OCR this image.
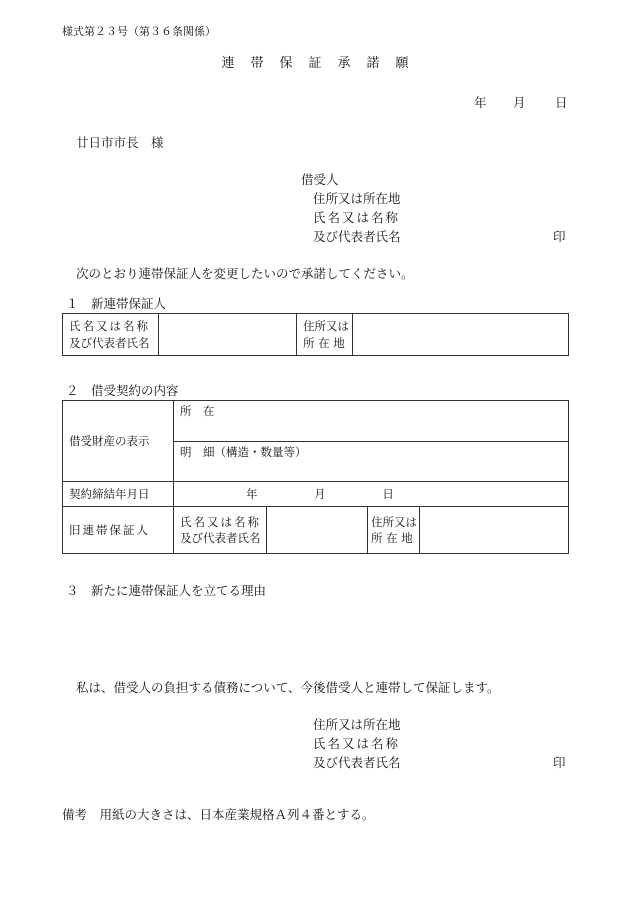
様式第２３号（第３６条関係）
連 帯 保 証 承 諾 願
年 月 日
廿日市市長　様
借受人
住所又は所在地
氏名又は名称
及び代表者氏名	印
次のとおり連帯保証人を変更したいので承諾してください。
１　新連帯保証人
氏名又は名称
及び代表者氏名		住所又は
所 在 地	
２　借受契約の内容
借受財産の表示	所　在			
	明　細（構造・数量等）			
契約締結年月日	年 月 日			
旧連帯保証人	氏名又は名称
及び代表者氏名		住所又は
所 在 地	
３　新たに連帯保証人を立てる理由
私は、借受人の負担する債務について、今後借受人と連帯して保証します。
住所又は所在地
氏名又は名称
及び代表者氏名	印
備考　用紙の大きさは、日本産業規格Ａ列４番とする。
